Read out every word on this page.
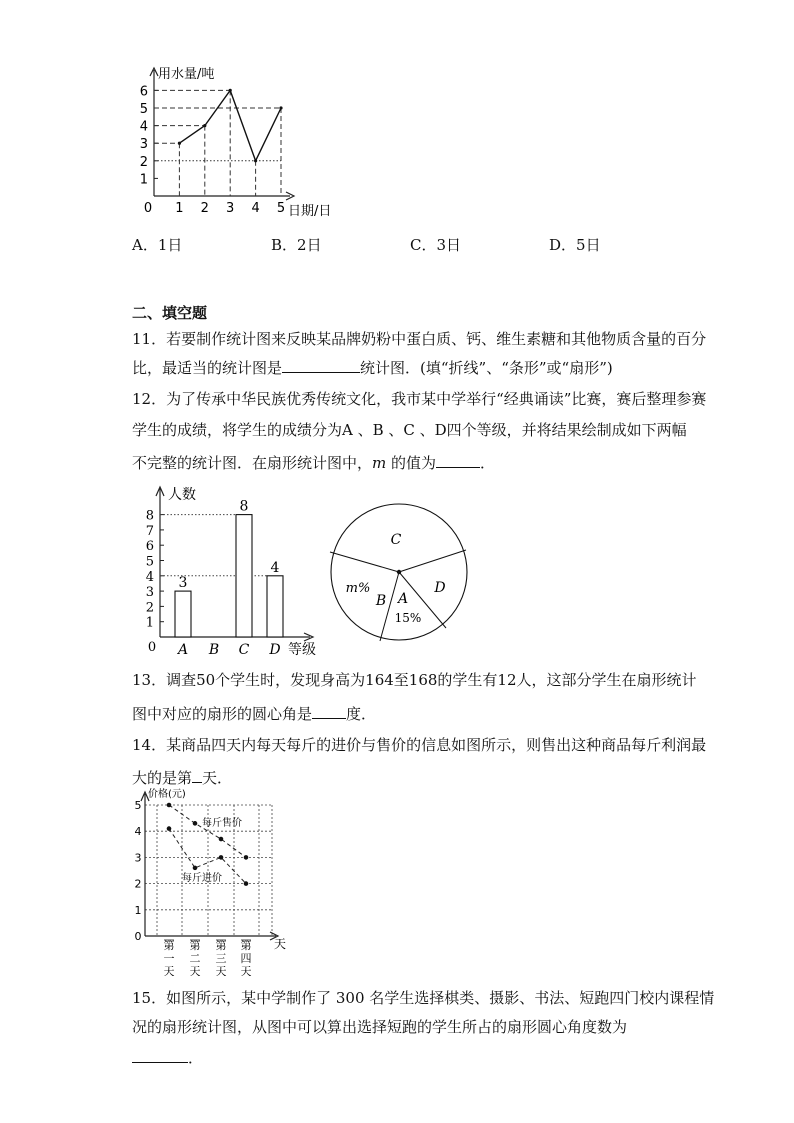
用水量/吨
日期/日
0
1
2
3
4
5
6
1 2 3 4 5
A．1日	B．2日	C．3日	D．5日
二、填空题
11．若要制作统计图来反映某品牌奶粉中蛋白质、钙、维生素糖和其他物质含量的百分
比，最适当的统计图是	统计图．(填“折线”、“条形”或“扇形”)
12．为了传承中华民族优秀传统文化，我市某中学举行“经典诵读”比赛，赛后整理参赛
学生的成绩，将学生的成绩分为A 、B 、C 、D四个等级，并将结果绘制成如下两幅
不完整的统计图．在扇形统计图中，m 的值为	．
人数
等级
0
1
2
3
4
5
6
7
8
A
3
B C
8
D
4
C
m%
B A
15%
D
13．调查50个学生时，发现身高为164至168的学生有12人，这部分学生在扇形统计
图中对应的扇形的圆心角是 度．
14．某商品四天内每天每斤的进价与售价的信息如图所示，则售出这种商品每斤利润最
大的是第 天．
价格(元)
天
0
1
2
3
4
5
第
一
天
第
二
天
第
三
天
第
四
天
每斤售价
每斤进价
15．如图所示，某中学制作了 300 名学生选择棋类、摄影、书法、短跑四门校内课程情
况的扇形统计图，从图中可以算出选择短跑的学生所占的扇形圆心角度数为
．
